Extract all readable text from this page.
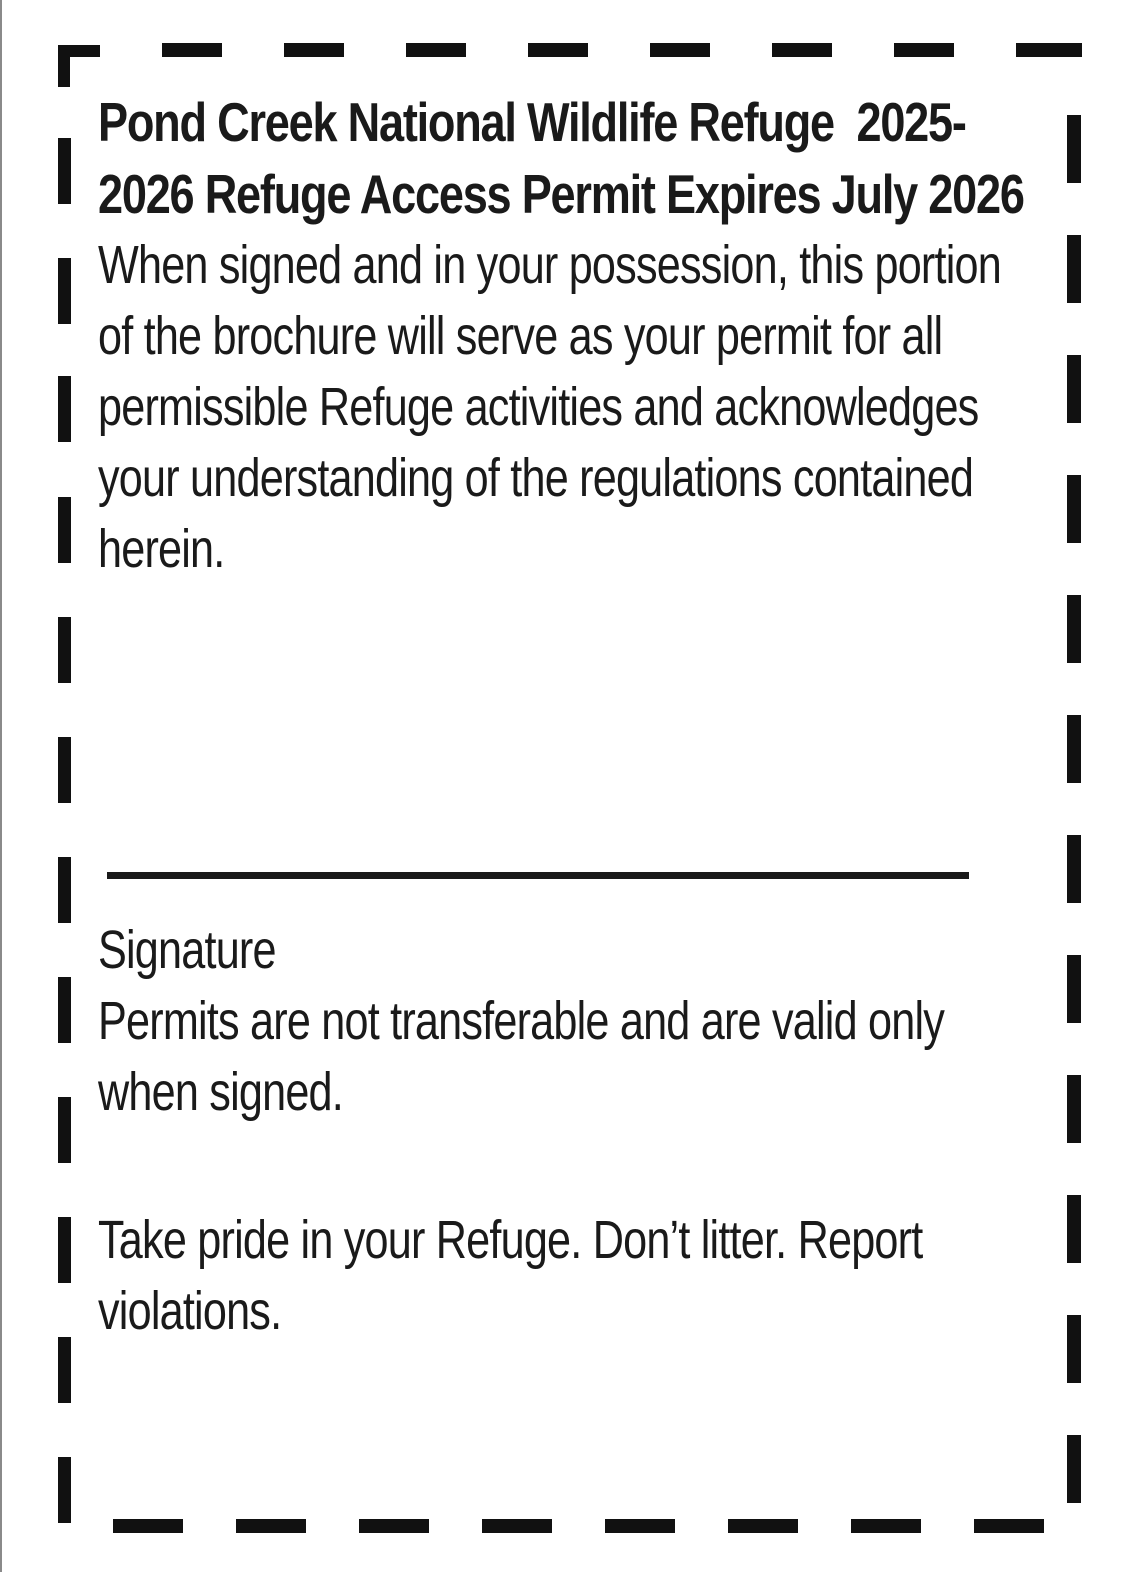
Pond Creek National Wildlife Refuge  2025-2026 Refuge Access Permit Expires July 2026

When signed and in your possession, this portion of the brochure will serve as your permit for all permissible Refuge activities and acknowledges your understanding of the regulations contained herein.

Signature

Permits are not transferable and are valid only when signed.

Take pride in your Refuge. Don’t litter. Report violations.
